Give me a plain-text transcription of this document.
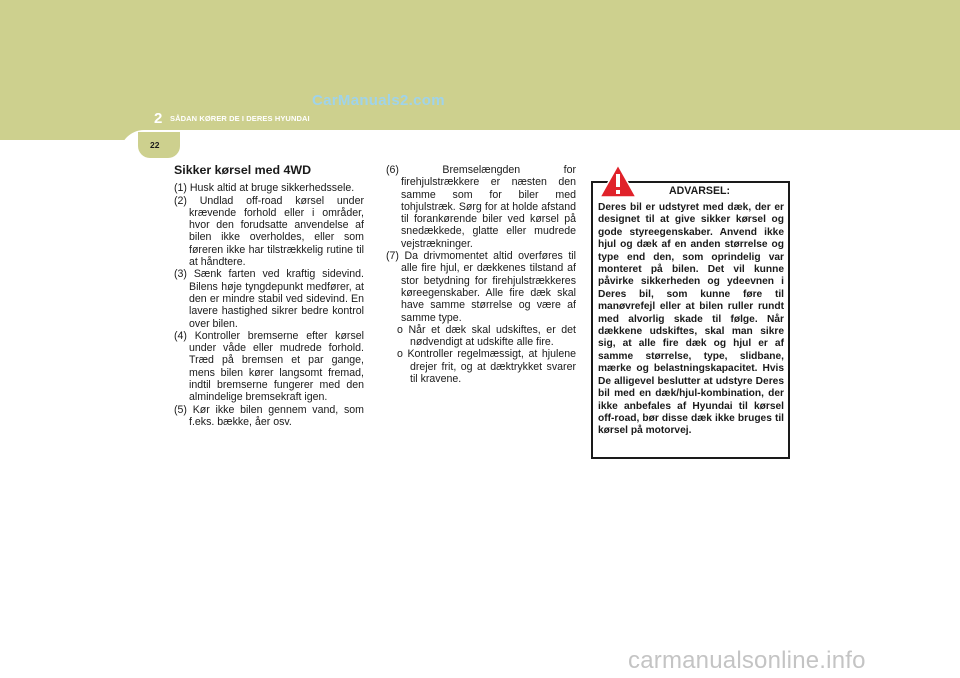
2 SÅDAN KØRER DE I DERES HYUNDAI
CarManuals2.com
22

Sikker kørsel med 4WD

(1) Husk altid at bruge sikkerhedssele.

(2) Undlad off-road kørsel under krævende forhold eller i områder, hvor den forudsatte anvendelse af bilen ikke overholdes, eller som føreren ikke har tilstrækkelig rutine til at håndtere.

(3) Sænk farten ved kraftig sidevind. Bilens høje tyngdepunkt medfører, at den er mindre stabil ved sidevind. En lavere hastighed sikrer bedre kontrol over bilen.

(4) Kontroller bremserne efter kørsel under våde eller mudrede forhold. Træd på bremsen et par gange, mens bilen kører langsomt fremad, indtil bremserne fungerer med den almindelige bremsekraft igen.

(5) Kør ikke bilen gennem vand, som f.eks. bække, åer osv.

(6) Bremselængden for firehjulstrækkere er næsten den samme som for biler med tohjulstræk. Sørg for at holde afstand til forankørende biler ved kørsel på snedækkede, glatte eller mudrede vejstrækninger.

(7) Da drivmomentet altid overføres til alle fire hjul, er dækkenes tilstand af stor betydning for firehjulstrækkeres køreegenskaber. Alle fire dæk skal have samme størrelse og være af samme type.

o Når et dæk skal udskiftes, er det nødvendigt at udskifte alle fire.

o Kontroller regelmæssigt, at hjulene drejer frit, og at dæktrykket svarer til kravene.

ADVARSEL:

Deres bil er udstyret med dæk, der er designet til at give sikker kørsel og gode styreegenskaber. Anvend ikke hjul og dæk af en anden størrelse og type end den, som oprindelig var monteret på bilen. Det vil kunne påvirke sikkerheden og ydeevnen i Deres bil, som kunne føre til manøvrefejl eller at bilen ruller rundt med alvorlig skade til følge. Når dækkene udskiftes, skal man sikre sig, at alle fire dæk og hjul er af samme størrelse, type, slidbane, mærke og belastningskapacitet. Hvis De alligevel beslutter at udstyre Deres bil med en dæk/hjul-kombination, der ikke anbefales af Hyundai til kørsel off-road, bør disse dæk ikke bruges til kørsel på motorvej.

carmanualsonline.info
